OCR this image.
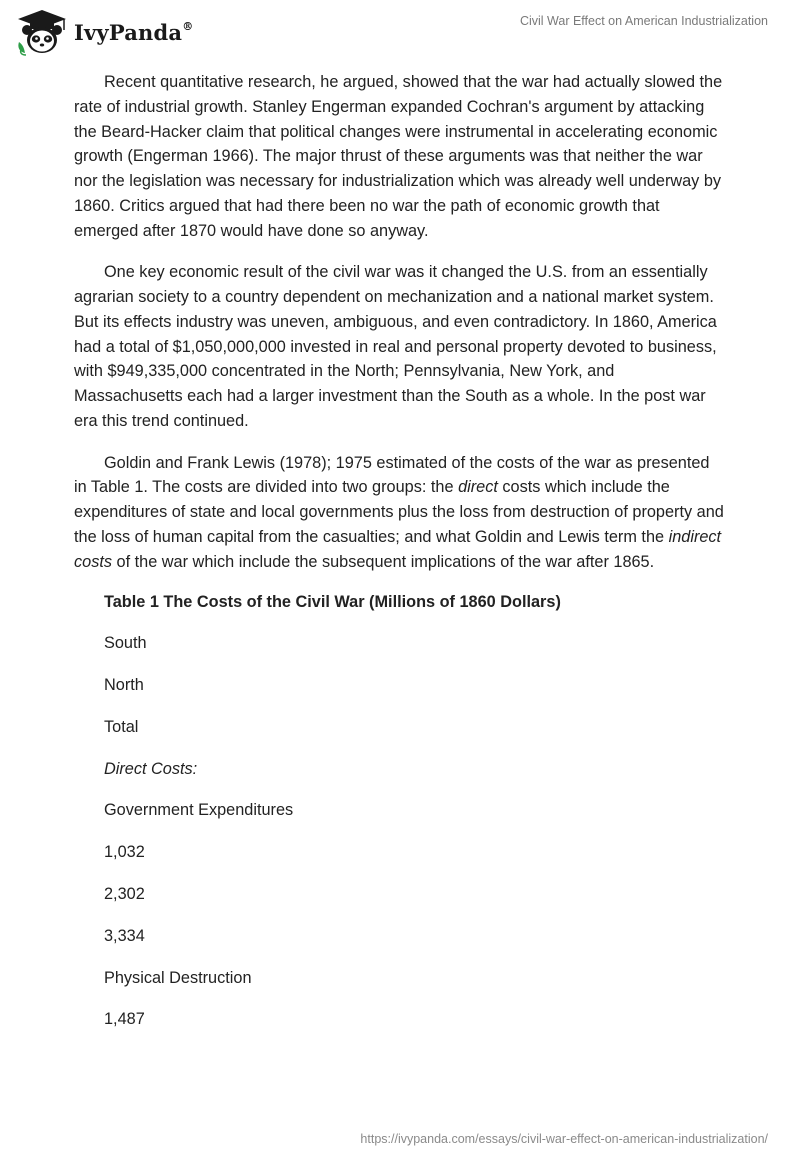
IvyPanda®	Civil War Effect on American Industrialization

Recent quantitative research, he argued, showed that the war had actually slowed the rate of industrial growth. Stanley Engerman expanded Cochran's argument by attacking the Beard-Hacker claim that political changes were instrumental in accelerating economic growth (Engerman 1966). The major thrust of these arguments was that neither the war nor the legislation was necessary for industrialization which was already well underway by 1860. Critics argued that had there been no war the path of economic growth that emerged after 1870 would have done so anyway.

One key economic result of the civil war was it changed the U.S. from an essentially agrarian society to a country dependent on mechanization and a national market system. But its effects industry was uneven, ambiguous, and even contradictory. In 1860, America had a total of $1,050,000,000 invested in real and personal property devoted to business, with $949,335,000 concentrated in the North; Pennsylvania, New York, and Massachusetts each had a larger investment than the South as a whole. In the post war era this trend continued.

Goldin and Frank Lewis (1978); 1975 estimated of the costs of the war as presented in Table 1. The costs are divided into two groups: the direct costs which include the expenditures of state and local governments plus the loss from destruction of property and the loss of human capital from the casualties; and what Goldin and Lewis term the indirect costs of the war which include the subsequent implications of the war after 1865.

Table 1 The Costs of the Civil War (Millions of 1860 Dollars)
South
North
Total
Direct Costs:
Government Expenditures
1,032
2,302
3,334
Physical Destruction
1,487
https://ivypanda.com/essays/civil-war-effect-on-american-industrialization/
